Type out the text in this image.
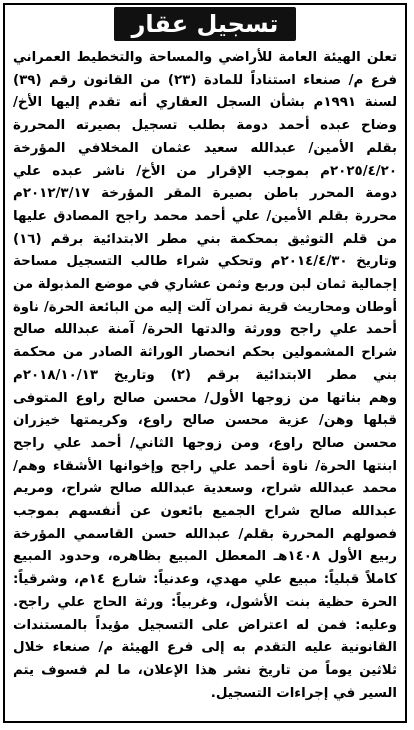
تسجيل عقار
تعلن الهيئة العامة للأراضي والمساحة والتخطيط العمراني
فرع م/ صنعاء استناداً للمادة (٢٣) من القانون رقم (٣٩)
لسنة ١٩٩١م بشأن السجل العقاري أنه تقدم إليها الأخ/
وضاح عبده أحمد دومة بطلب تسجيل بصيرته المحررة
بقلم الأمين/ عبدالله سعيد عثمان المخلافي المؤرخة
٢٠٢٥/٤/٢٠م بموجب الإقرار من الأخ/ ناشر عبده علي
دومة المحرر باطن بصيرة المقر المؤرخة ٢٠١٢/٣/١٧م
محررة بقلم الأمين/ علي أحمد محمد راجح المصادق عليها
من قلم التوثيق بمحكمة بني مطر الابتدائية برقم (١٦)
وتاريخ ٢٠١٤/٤/٣٠م وتحكي شراء طالب التسجيل مساحة
إجمالية ثمان لبن وربع وثمن عشاري في موضع المذبولة من
أوطان ومحاريث قرية نمران آلت إليه من البائعة الحرة/ ناوة
أحمد علي راجح وورثة والدتها الحرة/ آمنة عبدالله صالح
شراح المشمولين بحكم انحصار الوراثة الصادر من محكمة
بني مطر الابتدائية برقم (٢) وتاريخ ٢٠١٨/١٠/١٣م
وهم بناتها من زوجها الأول/ محسن صالح راوع المتوفى
قبلها وهن/ عزية محسن صالح راوع، وكريمتها خيزران
محسن صالح راوع، ومن زوجها الثاني/ أحمد علي راجح
ابنتها الحرة/ ناوة أحمد علي راجح وإخوانها الأشقاء وهم/
محمد عبدالله شراح، وسعدية عبدالله صالح شراح، ومريم
عبدالله صالح شراح الجميع بائعون عن أنفسهم بموجب
فصولهم المحررة بقلم/ عبدالله حسن القاسمي المؤرخة
ربيع الأول ١٤٠٨هـ المعطل المبيع بظاهره، وحدود المبيع
كاملاً قبلياً: مبيع علي مهدي، وعدنياً: شارع ١٤م، وشرقياً:
الحرة حظية بنت الأشول، وغربياً: ورثة الحاج علي راجح.
وعليه: فمن له اعتراض على التسجيل مؤيداً بالمستندات
القانونية عليه التقدم به إلى فرع الهيئة م/ صنعاء خلال
ثلاثين يوماً من تاريخ نشر هذا الإعلان، ما لم فسوف يتم
السير في إجراءات التسجيل.
